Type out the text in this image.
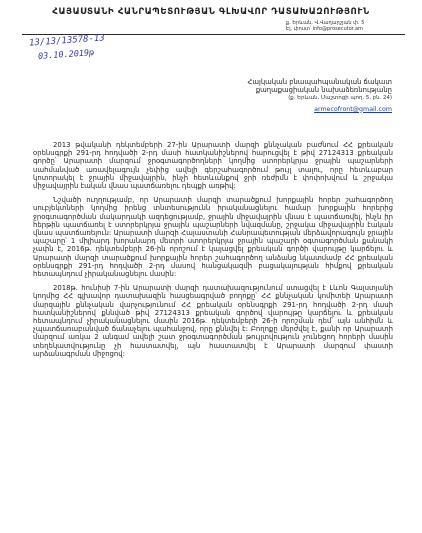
ՀԱՅԱՍՏԱՆԻ ՀԱՆՐԱՊԵՏՈՒԹՅԱՆ ԳԼԽԱՎՈՐ ԴԱՏԱԽԱԶՈՒԹՅՈՒՆ
ք. Երևան, Վ.Վաղարշյան փ. 5
Էլ. փոստ՝ info@prosecutor.am
13/13/13578-13
03.10.2019թ
Հայկական բնապահպանական ճակատ
քաղաքացիական նախաձեռնությանը
(ք. Երևան, Մաշտոցի պող. 5, բն. 24)
armecofront@gmail.com

2013 թվականի դեկտեմբերի 27-ին Արարատի մարզի քննչական բաժնում ՀՀ քրեական օրենսգրքի 291-րդ հոդվածի 2-րդ մասի հատկանիշներով հարուցվել է թիվ 27124313 քրեական գործը՝ Արարատի մարզում ջրօգտագործողների կողմից ստորերկրյա ջրային պաշարների սահմանված առավելագույն չեփից ավելի գերշահագործում թույլ տալու, որը հետևաբար կոտորակել է ջրային միջավայրին, ինչի հետևանքով ջրի ռեժիմն է փոփոխվում և շրջակա միջավայրին էական վնաս պատճառելու դեպքի առթիվ:

Նշվածի ուղղությամբ, որ Արարատի մարզի տարածքում խորքային հորեր շահագործող սուբյեկտների կողմից իրենց տնտեսությունն իրականացնելու համար խորքային հորերից ջրօգտագործման մակարդակի ազդեցությամբ, ջրային միջավայրին վնաս է պատճառվել, ինչն իր հերթին պատճառել է ստորերկրյա ջրային պաշարների նվազմանը, շրջակա միջավայրին էական վնաս պատճառելուն: Արարատի մարզի Հայաստանի Հանրապետության մերձավորագույն ջրային պաշարը՝ 1 միլիարդ խորանարդ մետրի ստորերկրյա ջրային պաշարի օգտագործման քանակի չափն է, 2016թ. դեկտեմբերի 26-ին որոշում է կայացվել քրեական գործի վարույթը կարճելու և Արարատի մարզի տարածքում խորքային հորեր շահագործող անձանց նկատմամբ ՀՀ քրեական օրենսգրքի 291-րդ հոդվածի 2-րդ մասով հանցակազմի բացակայության հիմքով քրեական հետապնդում չիրականացնելու մասին:

2018թ. հունիսի 7-ին Արարատի մարզի դատախազությունում ստացվել է Լևոն Գալստյանի կողմից ՀՀ գլխավոր դատախազին հասցեագրված բողոքը՝ ՀՀ քննչական կոմիտեի Արարատի մարզային քննչական վարչությունում ՀՀ քրեական օրենսգրքի 291-րդ հոդվածի 2-րդ մասի հատկանիշներով քննված թիվ 27124313 քրեական գործով վարույթը կարճելու և քրեական հետապնդում չիրականացնելու մասին 2016թ. դեկտեմբերի 26-ի որոշման դեմ՝ այն անհիմն և չպատճառաբանված ճանաչելու պահանջով, որը քննվել է: Բողոքը մերժվել է, քանի որ Արարատի մարզում առկա 2 անգամ ավելի շատ ջրօգտագործման թույլտվություն չունեցող հորերի մասին տեղեկատվությունը չի հաստատվել, այն հաստատվել է Արարատի մարզում փաստի արձանագրման միջոցով:
